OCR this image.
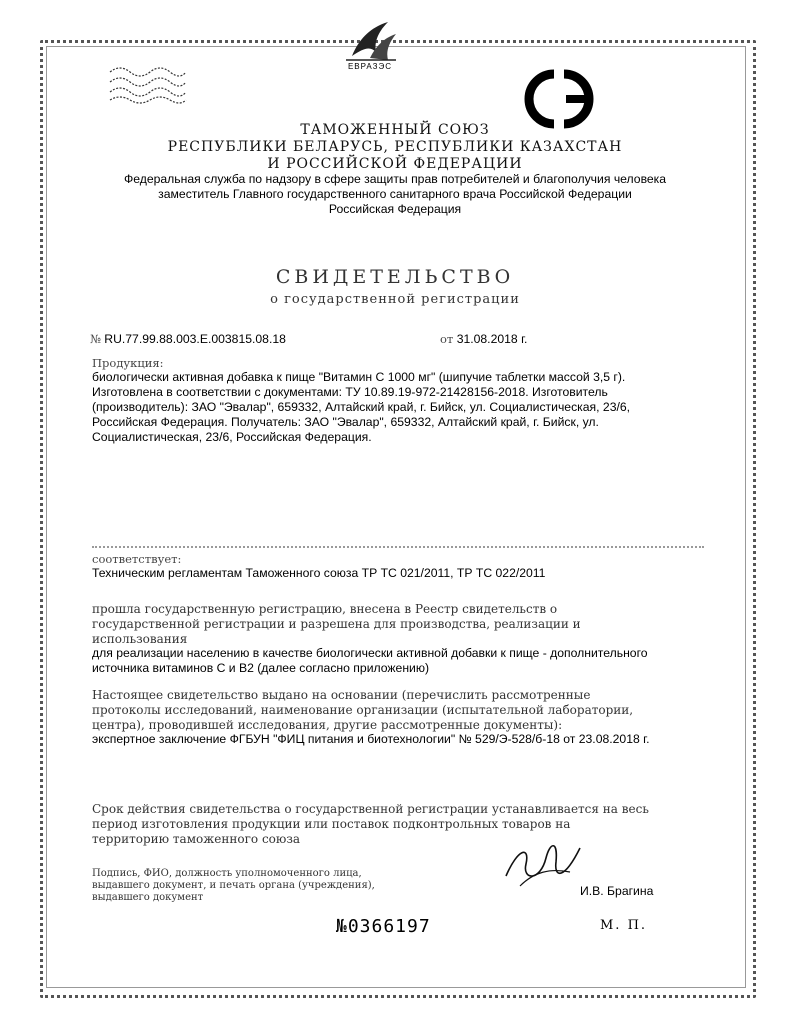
ЕВРАЗЭС
ТАМОЖЕННЫЙ СОЮЗ
РЕСПУБЛИКИ БЕЛАРУСЬ, РЕСПУБЛИКИ КАЗАХСТАН
И РОССИЙСКОЙ ФЕДЕРАЦИИ
Федеральная служба по надзору в сфере защиты прав потребителей и благополучия человека
заместитель Главного государственного санитарного врача Российской Федерации
Российская Федерация
СВИДЕТЕЛЬСТВО
о государственной регистрации
№ RU.77.99.88.003.E.003815.08.18	от 31.08.2018 г.
Продукция:
биологически активная добавка к пище "Витамин С 1000 мг" (шипучие таблетки массой 3,5 г).
Изготовлена в соответствии с документами: ТУ 10.89.19-972-21428156-2018. Изготовитель
(производитель): ЗАО "Эвалар", 659332, Алтайский край, г. Бийск, ул. Социалистическая, 23/6,
Российская Федерация. Получатель: ЗАО "Эвалар", 659332, Алтайский край, г. Бийск, ул.
Социалистическая, 23/6, Российская Федерация.
соответствует:
Техническим регламентам Таможенного союза ТР ТС 021/2011, ТР ТС 022/2011
прошла государственную регистрацию, внесена в Реестр свидетельств о
государственной регистрации и разрешена для производства, реализации и
использования
для реализации населению в качестве биологически активной добавки к пище - дополнительного
источника витаминов С и В2 (далее согласно приложению)
Настоящее свидетельство выдано на основании (перечислить рассмотренные
протоколы исследований, наименование организации (испытательной лаборатории,
центра), проводившей исследования, другие рассмотренные документы):
экспертное заключение ФГБУН "ФИЦ питания и биотехнологии" № 529/Э-528/б-18 от 23.08.2018 г.
Срок действия свидетельства о государственной регистрации устанавливается на весь
период изготовления продукции или поставок подконтрольных товаров на
территорию таможенного союза
Подпись, ФИО, должность уполномоченного лица,
выдавшего документ, и печать органа (учреждения),
выдавшего документ	И.В. Брагина
№0366197	М. П.
